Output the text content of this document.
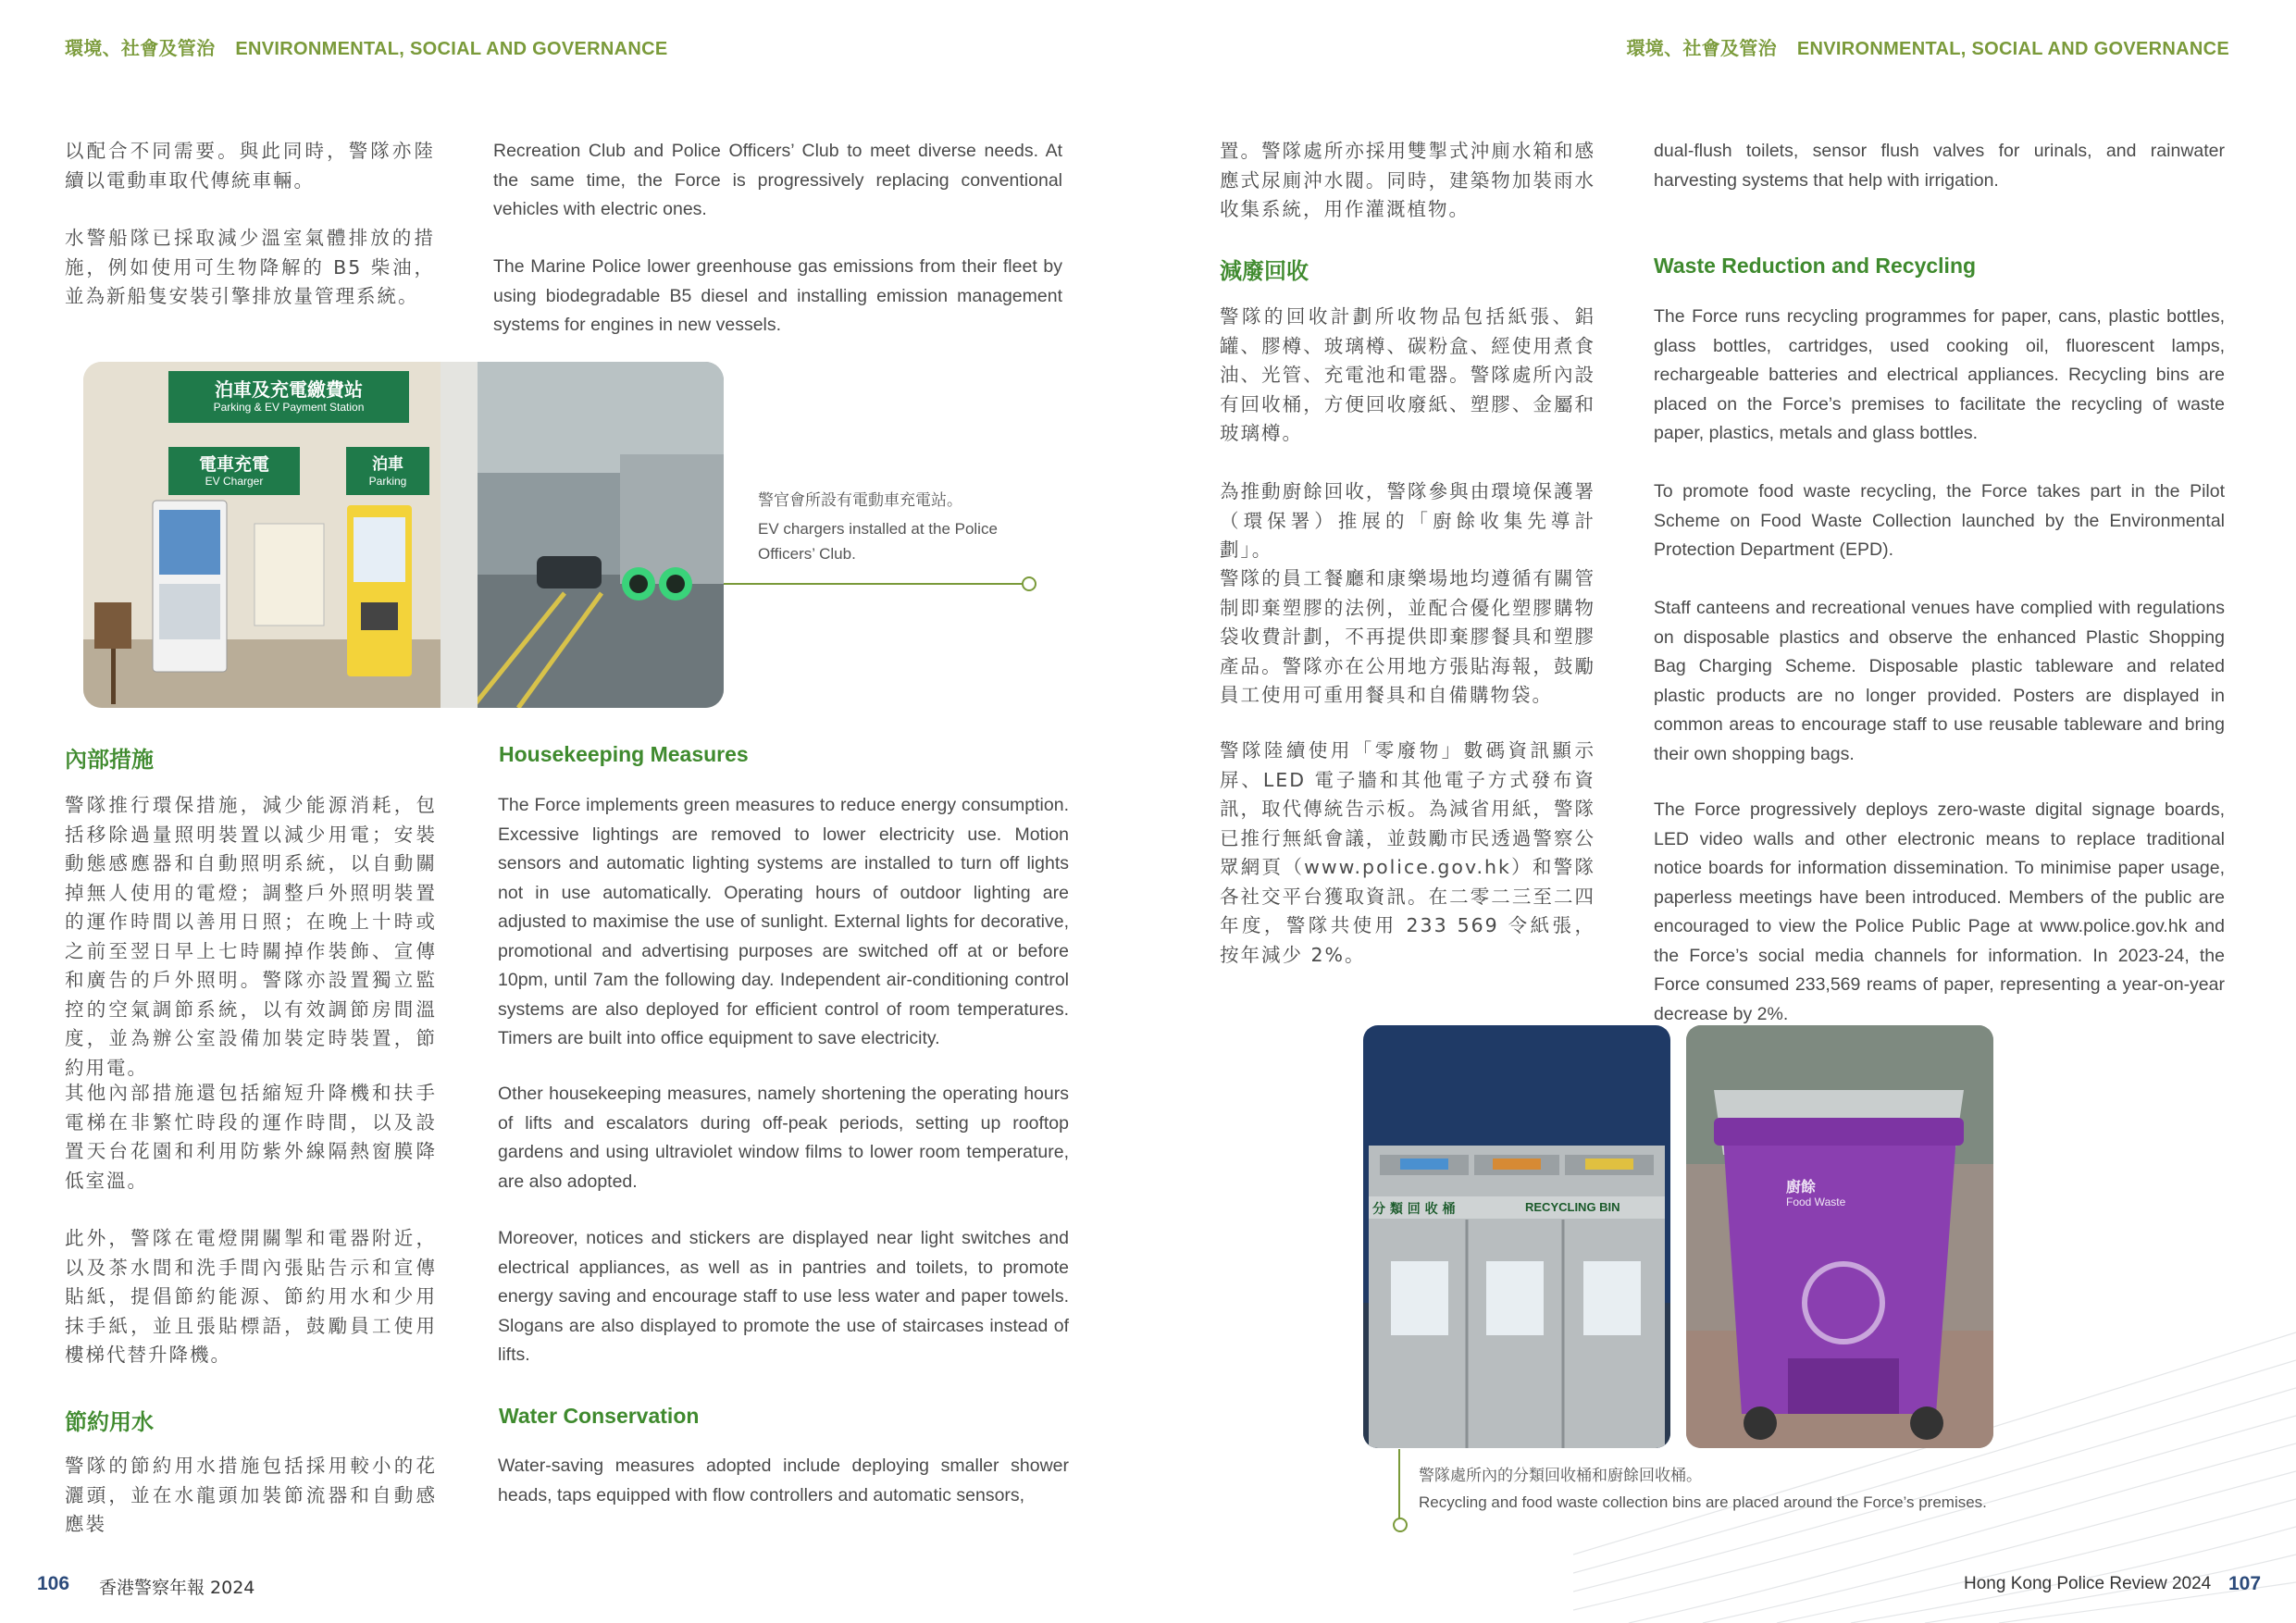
環境、社會及管治 ENVIRONMENTAL, SOCIAL AND GOVERNANCE

以配合不同需要。與此同時，警隊亦陸續以電動車取代傳統車輛。

水警船隊已採取減少溫室氣體排放的措施，例如使用可生物降解的 B5 柴油，並為新船隻安裝引擎排放量管理系統。

Recreation Club and Police Officers’ Club to meet diverse needs. At the same time, the Force is progressively replacing conventional vehicles with electric ones.

The Marine Police lower greenhouse gas emissions from their fleet by using biodegradable B5 diesel and installing emission management systems for engines in new vessels.

泊車及充電繳費站
Parking & EV Payment Station
電車充電
EV Charger
泊車
Parking
警官會所設有電動車充電站。
EV chargers installed at the Police Officers’ Club.
內部措施	Housekeeping Measures

警隊推行環保措施，減少能源消耗，包括移除過量照明裝置以減少用電；安裝動態感應器和自動照明系統，以自動關掉無人使用的電燈；調整戶外照明裝置的運作時間以善用日照；在晚上十時或之前至翌日早上七時關掉作裝飾、宣傳和廣告的戶外照明。警隊亦設置獨立監控的空氣調節系統，以有效調節房間溫度，並為辦公室設備加裝定時裝置，節約用電。

其他內部措施還包括縮短升降機和扶手電梯在非繁忙時段的運作時間，以及設置天台花園和利用防紫外線隔熱窗膜降低室溫。

此外，警隊在電燈開關掣和電器附近，以及茶水間和洗手間內張貼告示和宣傳貼紙，提倡節約能源、節約用水和少用抹手紙，並且張貼標語，鼓勵員工使用樓梯代替升降機。

The Force implements green measures to reduce energy consumption. Excessive lightings are removed to lower electricity use. Motion sensors and automatic lighting systems are installed to turn off lights not in use automatically. Operating hours of outdoor lighting are adjusted to maximise the use of sunlight. External lights for decorative, promotional and advertising purposes are switched off at or before 10pm, until 7am the following day. Independent air-conditioning control systems are also deployed for efficient control of room temperatures. Timers are built into office equipment to save electricity.

Other housekeeping measures, namely shortening the operating hours of lifts and escalators during off-peak periods, setting up rooftop gardens and using ultraviolet window films to lower room temperature, are also adopted.

Moreover, notices and stickers are displayed near light switches and electrical appliances, as well as in pantries and toilets, to promote energy saving and encourage staff to use less water and paper towels. Slogans are also displayed to promote the use of staircases instead of lifts.

節約用水	Water Conservation

警隊的節約用水措施包括採用較小的花灑頭，並在水龍頭加裝節流器和自動感應裝

Water-saving measures adopted include deploying smaller shower heads, taps equipped with flow controllers and automatic sensors,

106 香港警察年報 2024
環境、社會及管治 ENVIRONMENTAL, SOCIAL AND GOVERNANCE

置。警隊處所亦採用雙掣式沖廁水箱和感應式尿廁沖水閥。同時，建築物加裝雨水收集系統，用作灌溉植物。

dual-flush toilets, sensor flush valves for urinals, and rainwater harvesting systems that help with irrigation.

減廢回收	Waste Reduction and Recycling

警隊的回收計劃所收物品包括紙張、鋁罐、膠樽、玻璃樽、碳粉盒、經使用煮食油、光管、充電池和電器。警隊處所內設有回收桶，方便回收廢紙、塑膠、金屬和玻璃樽。

為推動廚餘回收，警隊參與由環境保護署（環保署）推展的「廚餘收集先導計劃」。

警隊的員工餐廳和康樂場地均遵循有關管制即棄塑膠的法例，並配合優化塑膠購物袋收費計劃，不再提供即棄膠餐具和塑膠產品。警隊亦在公用地方張貼海報，鼓勵員工使用可重用餐具和自備購物袋。

警隊陸續使用「零廢物」數碼資訊顯示屏、LED 電子牆和其他電子方式發布資訊，取代傳統告示板。為減省用紙，警隊已推行無紙會議，並鼓勵市民透過警察公眾網頁（www.police.gov.hk）和警隊各社交平台獲取資訊。在二零二三至二四年度，警隊共使用 233 569 令紙張，按年減少 2%。

The Force runs recycling programmes for paper, cans, plastic bottles, glass bottles, cartridges, used cooking oil, fluorescent lamps, rechargeable batteries and electrical appliances. Recycling bins are placed on the Force’s premises to facilitate the recycling of waste paper, plastics, metals and glass bottles.

To promote food waste recycling, the Force takes part in the Pilot Scheme on Food Waste Collection launched by the Environmental Protection Department (EPD).

Staff canteens and recreational venues have complied with regulations on disposable plastics and observe the enhanced Plastic Shopping Bag Charging Scheme. Disposable plastic tableware and related plastic products are no longer provided. Posters are displayed in common areas to encourage staff to use reusable tableware and bring their own shopping bags.

The Force progressively deploys zero-waste digital signage boards, LED video walls and other electronic means to replace traditional notice boards for information dissemination. To minimise paper usage, paperless meetings have been introduced. Members of the public are encouraged to view the Police Public Page at www.police.gov.hk and the Force’s social media channels for information. In 2023-24, the Force consumed 233,569 reams of paper, representing a year-on-year decrease by 2%.

分 類 回 收 桶	RECYCLING BIN
廚餘
Food Waste
警隊處所內的分類回收桶和廚餘回收桶。
Recycling and food waste collection bins are placed around the Force’s premises.
Hong Kong Police Review 2024 107
